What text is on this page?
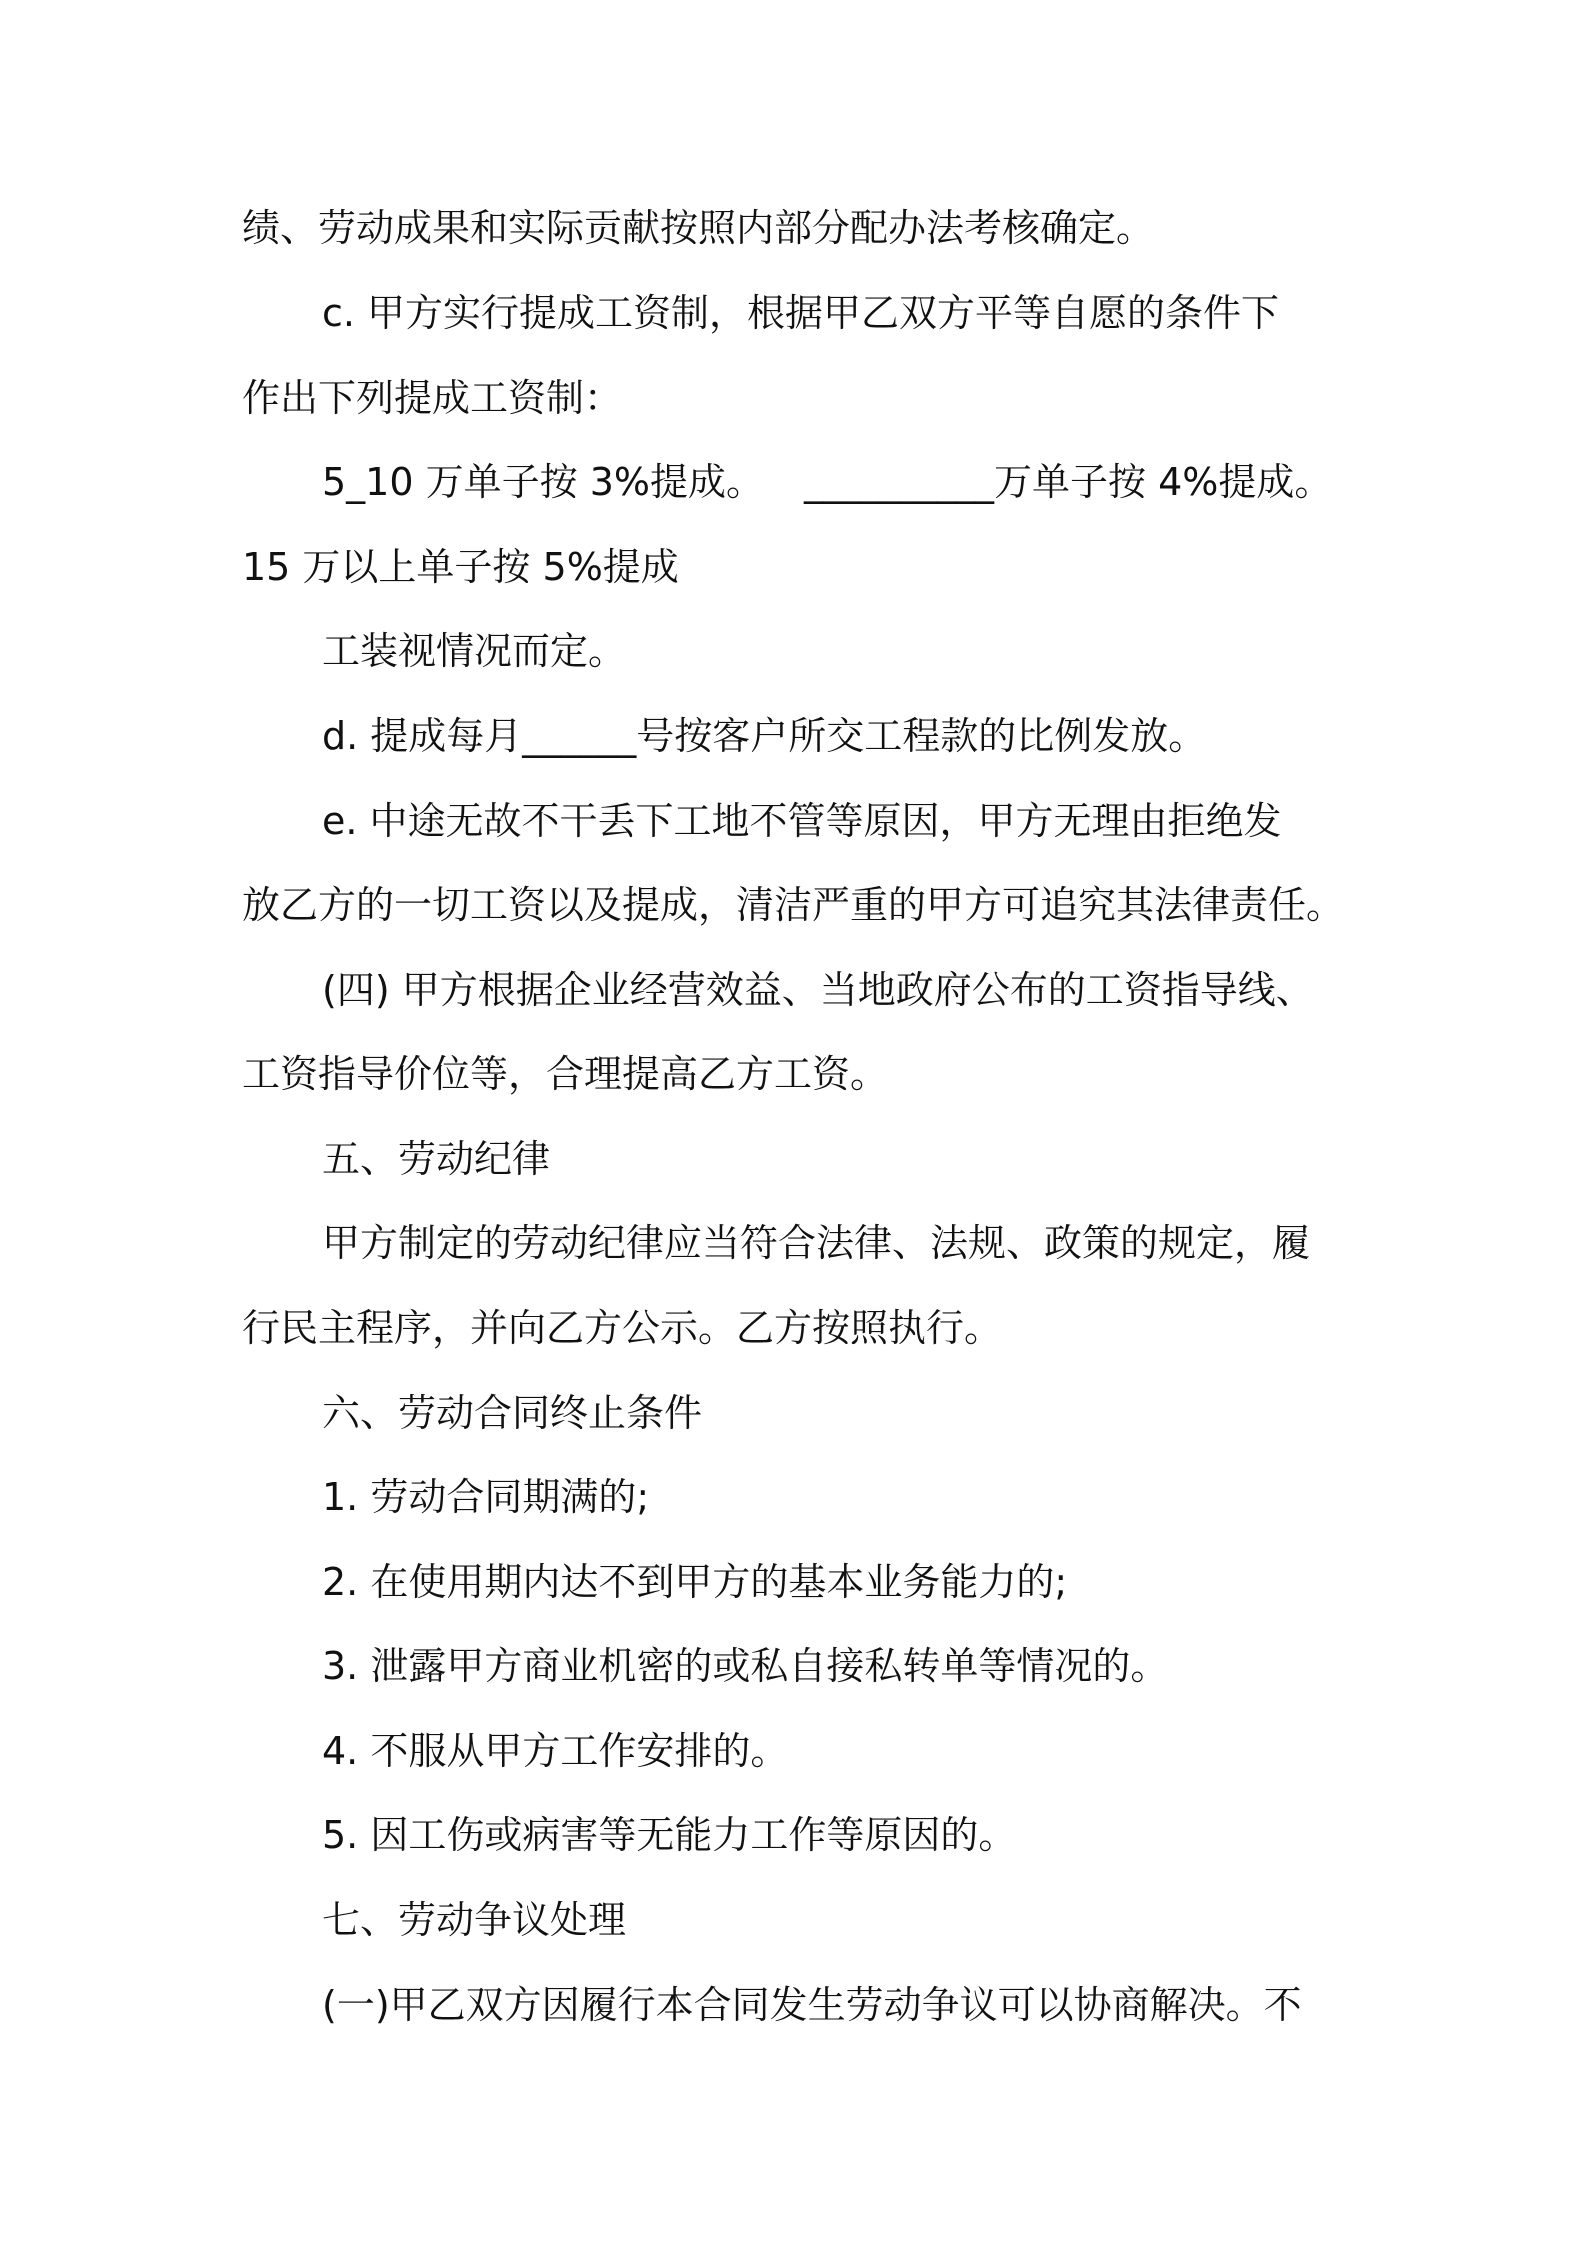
绩、劳动成果和实际贡献按照内部分配办法考核确定。
c. 甲方实行提成工资制，根据甲乙双方平等自愿的条件下
作出下列提成工资制：
5_10 万单子按 3%提成。 __________万单子按 4%提成。
15 万以上单子按 5%提成
工装视情况而定。
d. 提成每月______号按客户所交工程款的比例发放。
e. 中途无故不干丢下工地不管等原因，甲方无理由拒绝发
放乙方的一切工资以及提成，清洁严重的甲方可追究其法律责任。
(四) 甲方根据企业经营效益、当地政府公布的工资指导线、
工资指导价位等，合理提高乙方工资。
五、劳动纪律
甲方制定的劳动纪律应当符合法律、法规、政策的规定，履
行民主程序，并向乙方公示。乙方按照执行。
六、劳动合同终止条件
1. 劳动合同期满的;
2. 在使用期内达不到甲方的基本业务能力的;
3. 泄露甲方商业机密的或私自接私转单等情况的。
4. 不服从甲方工作安排的。
5. 因工伤或病害等无能力工作等原因的。
七、劳动争议处理
(一)甲乙双方因履行本合同发生劳动争议可以协商解决。不
